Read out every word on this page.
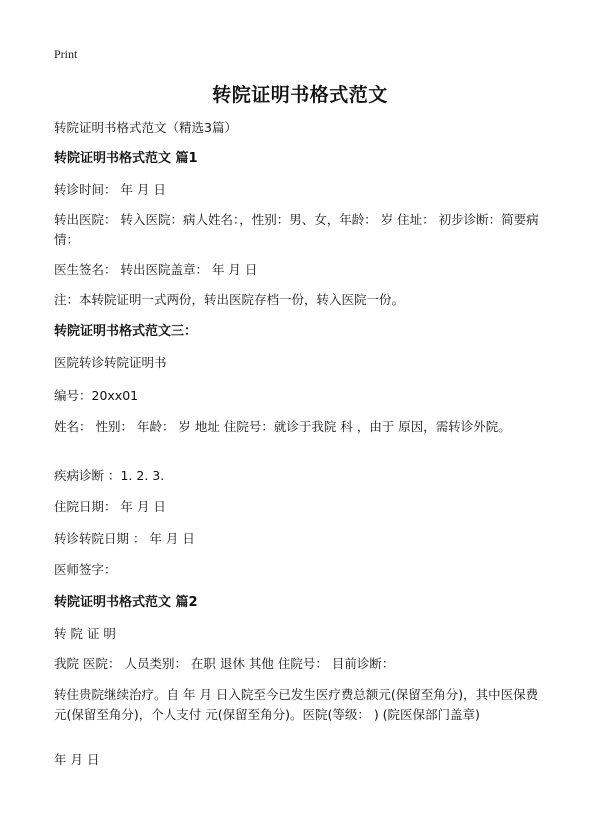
Print
转院证明书格式范文
转院证明书格式范文（精选3篇）
转院证明书格式范文 篇1
转诊时间： 年 月 日
转出医院： 转入医院：病人姓名：，性别：男、女，年龄： 岁 住址： 初步诊断：简要病情：
医生签名： 转出医院盖章： 年 月 日
注：本转院证明一式两份，转出医院存档一份，转入医院一份。
转院证明书格式范文三：
医院转诊转院证明书
编号：20xx01
姓名： 性别： 年龄： 岁 地址 住院号：就诊于我院 科 ，由于 原因，需转诊外院。
疾病诊断 ：1. 2. 3.
住院日期： 年 月 日
转诊转院日期 ： 年 月 日
医师签字：
转院证明书格式范文 篇2
转 院 证 明
我院 医院： 人员类别： 在职 退休 其他 住院号： 目前诊断：
转住贵院继续治疗。自 年 月 日入院至今已发生医疗费总额元(保留至角分)，其中医保费 元(保留至角分)，个人支付 元(保留至角分)。医院(等级： ) (院医保部门盖章)
年 月 日
